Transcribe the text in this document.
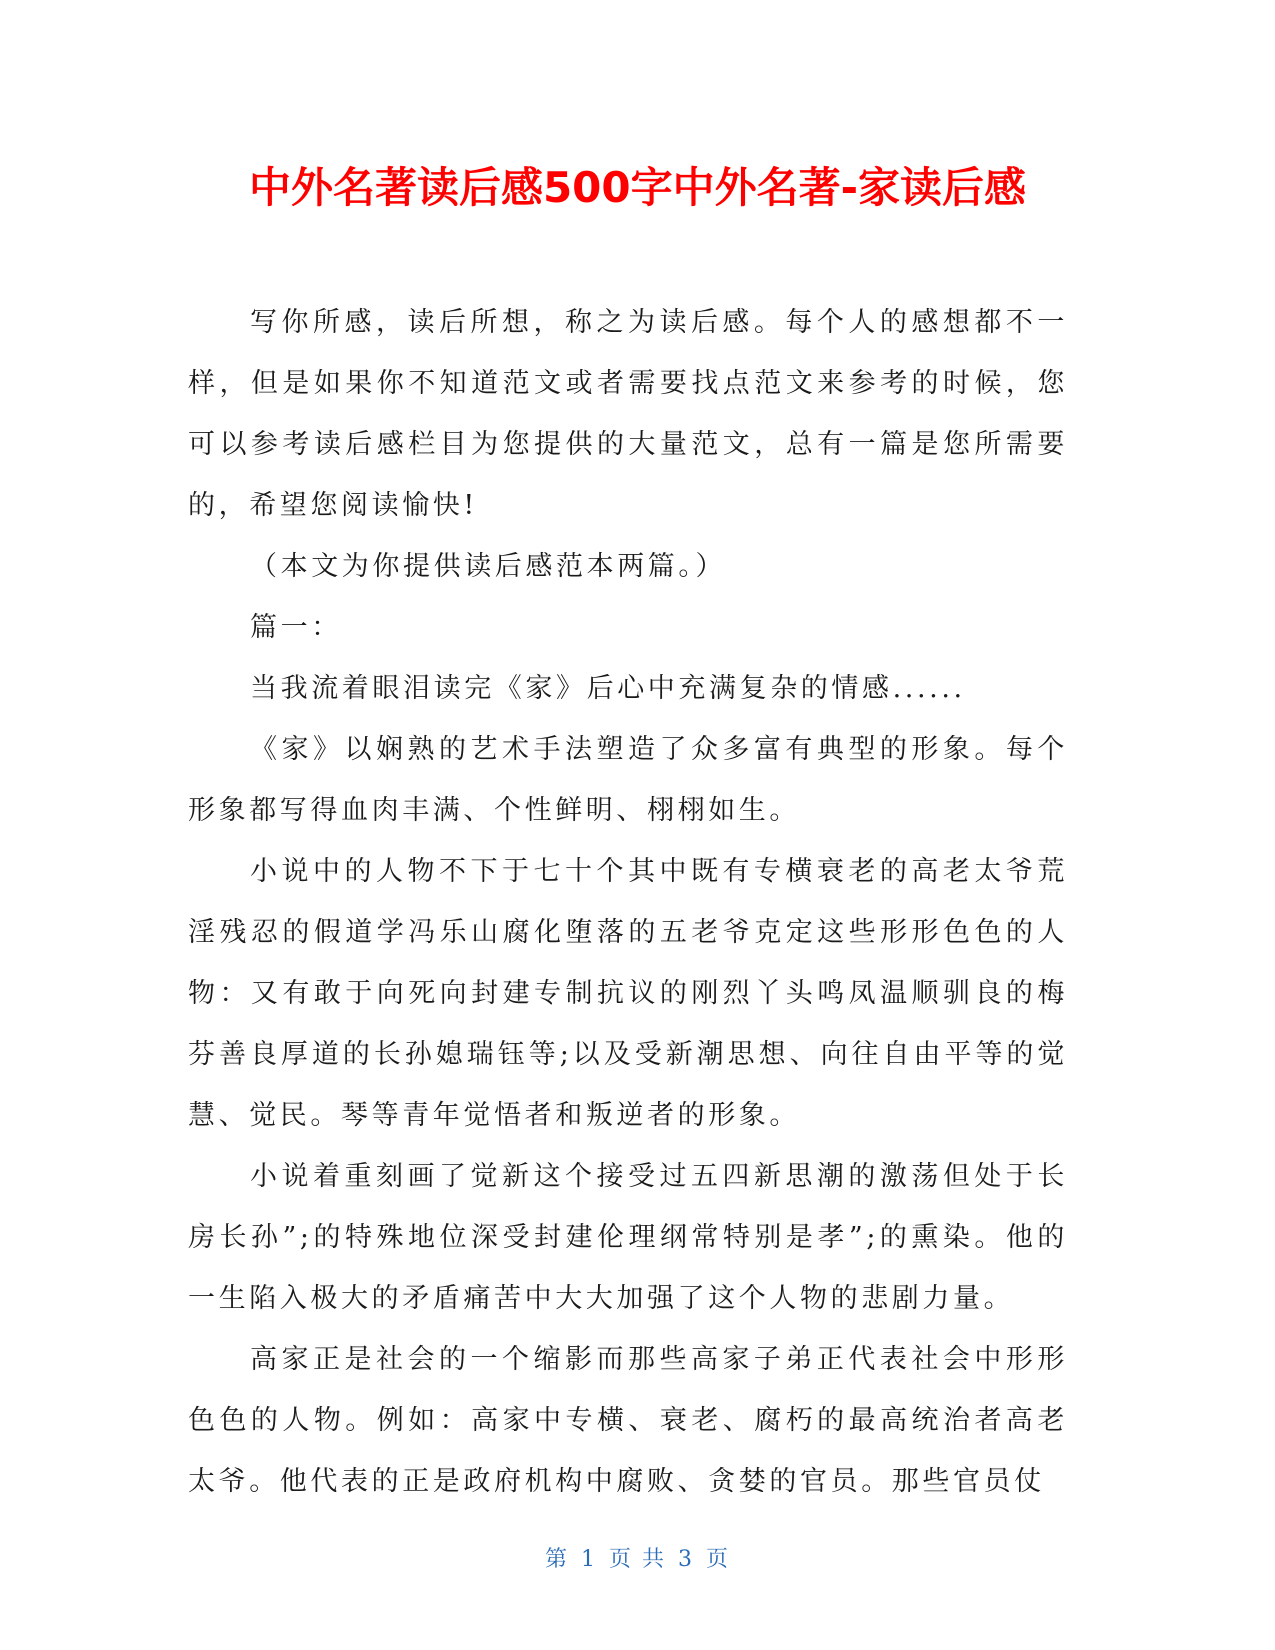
中外名著读后感500字中外名著-家读后感

写你所感，读后所想，称之为读后感。每个人的感想都不一样，但是如果你不知道范文或者需要找点范文来参考的时候，您可以参考读后感栏目为您提供的大量范文，总有一篇是您所需要的，希望您阅读愉快!

（本文为你提供读后感范本两篇。）

篇一：

当我流着眼泪读完《家》后心中充满复杂的情感......

《家》以娴熟的艺术手法塑造了众多富有典型的形象。每个形象都写得血肉丰满、个性鲜明、栩栩如生。

小说中的人物不下于七十个其中既有专横衰老的高老太爷荒淫残忍的假道学冯乐山腐化堕落的五老爷克定这些形形色色的人物：又有敢于向死向封建专制抗议的刚烈丫头鸣凤温顺驯良的梅芬善良厚道的长孙媳瑞钰等;以及受新潮思想、向往自由平等的觉慧、觉民。琴等青年觉悟者和叛逆者的形象。

小说着重刻画了觉新这个接受过五四新思潮的激荡但处于长房长孙”;的特殊地位深受封建伦理纲常特别是孝”;的熏染。他的一生陷入极大的矛盾痛苦中大大加强了这个人物的悲剧力量。

高家正是社会的一个缩影而那些高家子弟正代表社会中形形色色的人物。例如：高家中专横、衰老、腐朽的最高统治者高老太爷。他代表的正是政府机构中腐败、贪婪的官员。那些官员仗

第 1 页 共 3 页
